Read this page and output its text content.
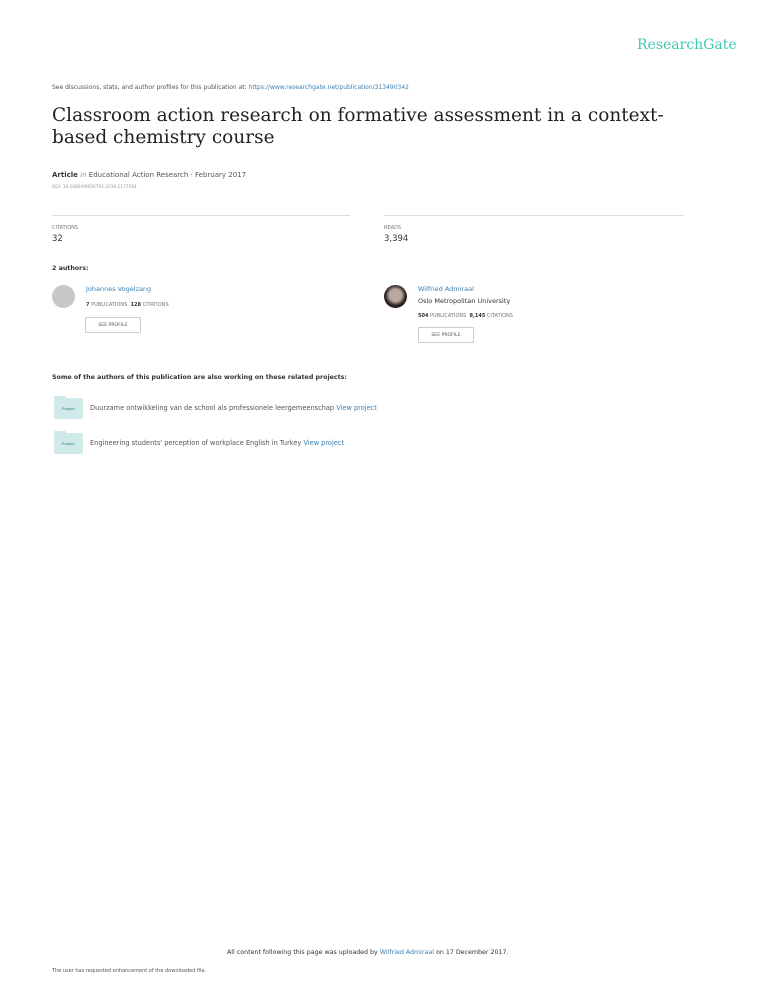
ResearchGate
See discussions, stats, and author profiles for this publication at: https://www.researchgate.net/publication/313490342
Classroom action research on formative assessment in a context-based chemistry course
Article in Educational Action Research · February 2017
DOI: 10.1080/09650792.2016.1177564
CITATIONS
32
READS
3,394
2 authors:
Johannes Vogelzang
7 PUBLICATIONS 128 CITATIONS
SEE PROFILE
Wilfried Admiraal
Oslo Metropolitan University
504 PUBLICATIONS 8,145 CITATIONS
SEE PROFILE
Some of the authors of this publication are also working on these related projects:
Project	Duurzame ontwikkeling van de school als professionele leergemeenschap View project
Project	Engineering students' perception of workplace English in Turkey View project
All content following this page was uploaded by Wilfried Admiraal on 17 December 2017.
The user has requested enhancement of the downloaded file.
